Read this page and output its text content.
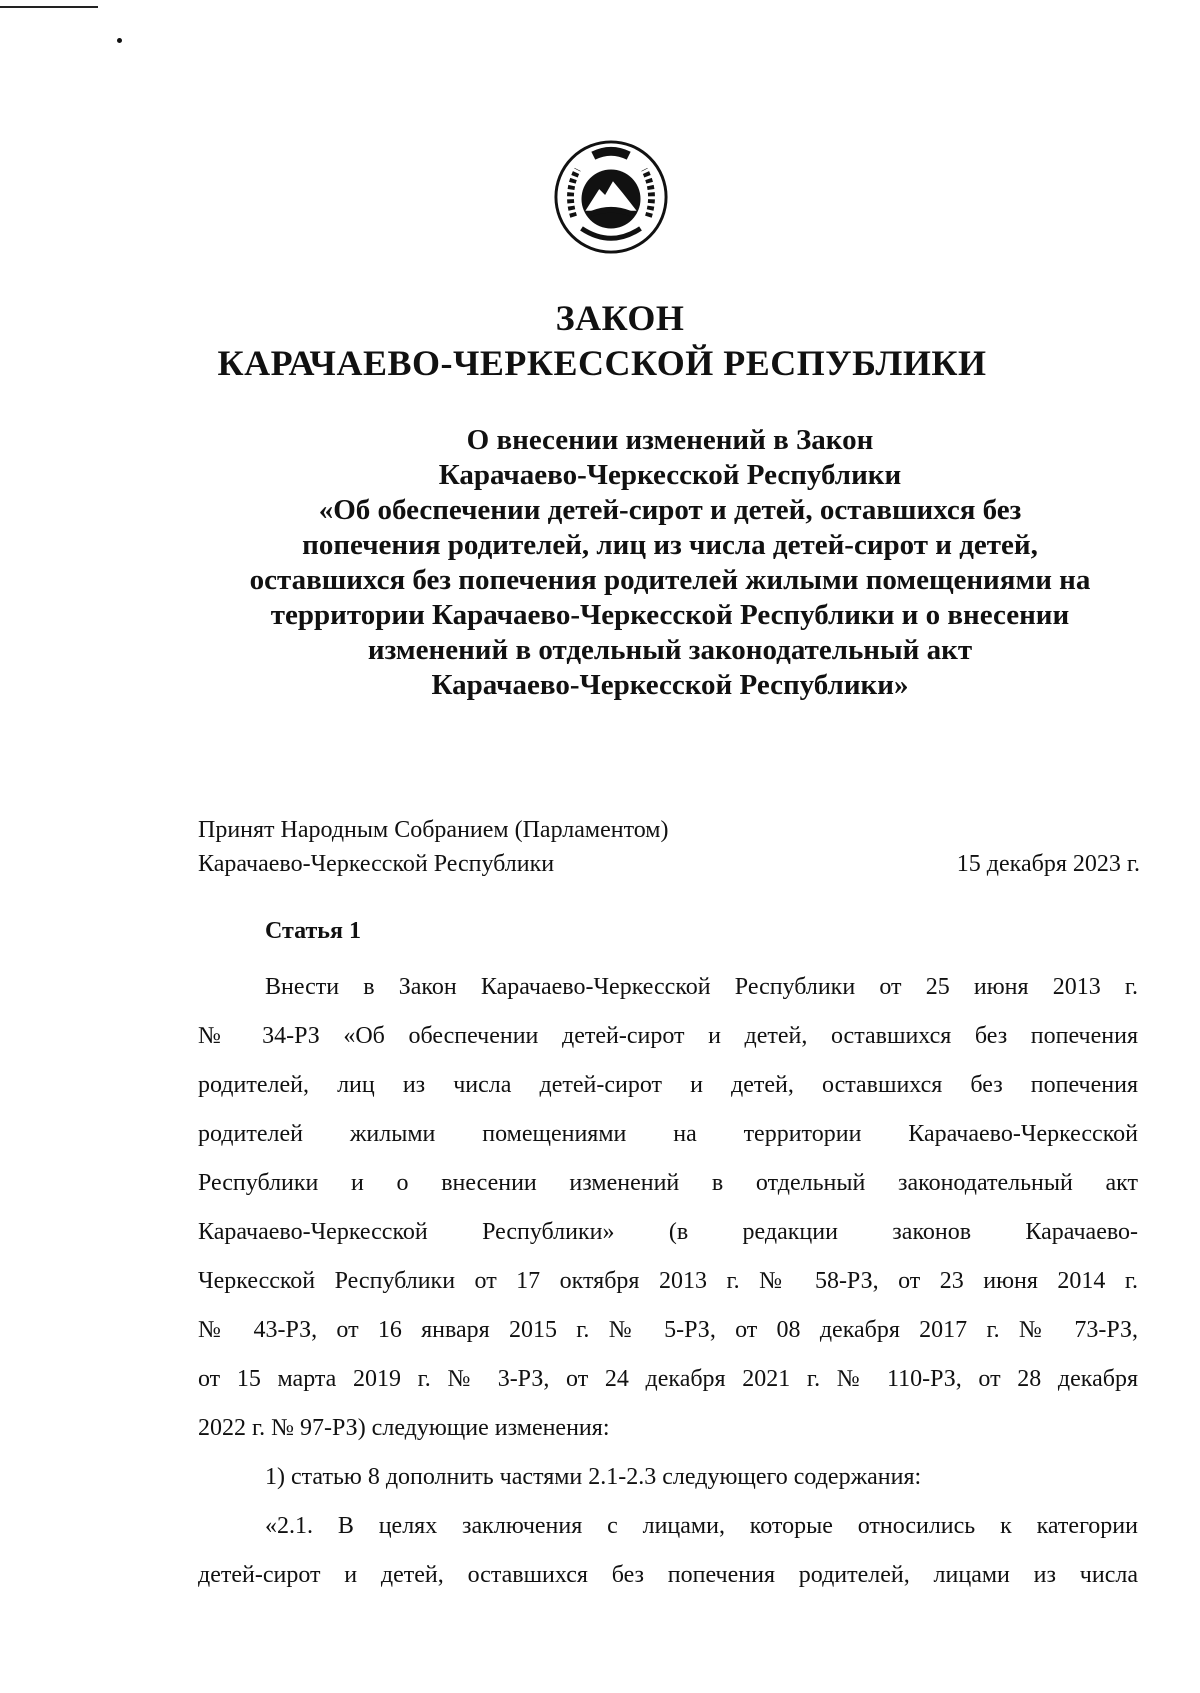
ЗАКОН
КАРАЧАЕВО-ЧЕРКЕССКОЙ РЕСПУБЛИКИ
О внесении изменений в Закон
Карачаево-Черкесской Республики
«Об обеспечении детей-сирот и детей, оставшихся без
попечения родителей, лиц из числа детей-сирот и детей,
оставшихся без попечения родителей жилыми помещениями на
территории Карачаево-Черкесской Республики и о внесении
изменений в отдельный законодательный акт
Карачаево-Черкесской Республики»
Принят Народным Собранием (Парламентом)
Карачаево-Черкесской Республики	15 декабря 2023 г.
Статья 1
Внести в Закон Карачаево-Черкесской Республики от 25 июня 2013 г.
№ 34-РЗ «Об обеспечении детей-сирот и детей, оставшихся без попечения
родителей, лиц из числа детей-сирот и детей, оставшихся без попечения
родителей жилыми помещениями на территории Карачаево-Черкесской
Республики и о внесении изменений в отдельный законодательный акт
Карачаево-Черкесской Республики» (в редакции законов Карачаево-
Черкесской Республики от 17 октября 2013 г. № 58-РЗ, от 23 июня 2014 г.
№ 43-РЗ, от 16 января 2015 г. № 5-РЗ, от 08 декабря 2017 г. № 73-РЗ,
от 15 марта 2019 г. № 3-РЗ, от 24 декабря 2021 г. № 110-РЗ, от 28 декабря
2022 г. № 97-РЗ) следующие изменения:
1) статью 8 дополнить частями 2.1-2.3 следующего содержания:
«2.1. В целях заключения с лицами, которые относились к категории
детей-сирот и детей, оставшихся без попечения родителей, лицами из числа
